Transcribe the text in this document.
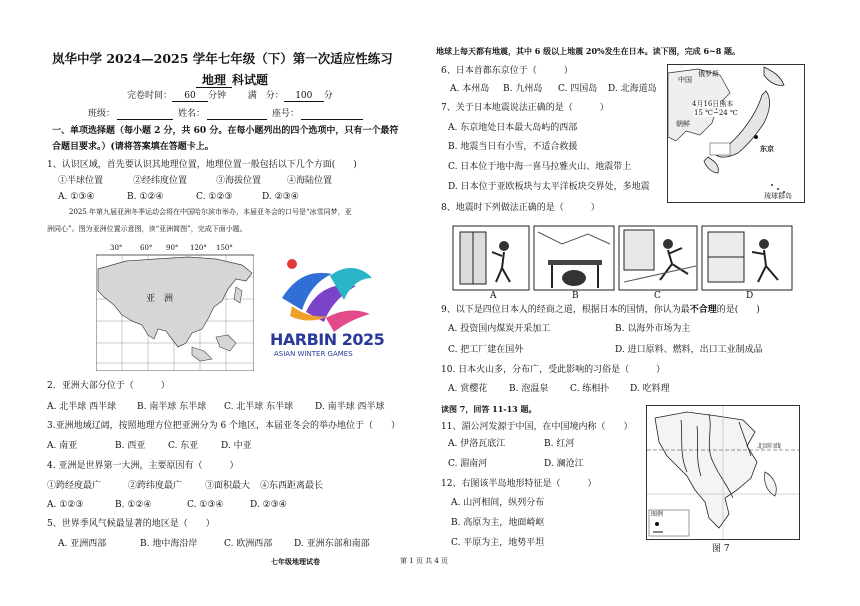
岚华中学 2024—2025 学年七年级（下）第一次适应性练习
地理 科试题
完卷时间： 60 分钟 满　分： 100 分
班级：	姓名：	座号：
一、单项选择题（每小题 2 分，共 60 分。在每小题列出的四个选项中，只有一个最符
合题目要求。）(请将答案填在答题卡上。
1、认识区域，首先要认识其地理位置，地理位置一般包括以下几个方面(　　)
①半球位置	②经纬度位置	③海拔位置	④海陆位置
A. ①③④	B. ①②④	C. ①②③	D. ②③④
2025 年第九届亚洲冬季运动会将在中国哈尔滨市举办，本届亚冬会的口号是“冰雪同梦，亚
洲同心”。图为亚洲位置示意图，读“亚洲简图”，完成下面小题。
30°	60° 90° 120° 150°
亚　洲
HARBIN 2025
ASIAN WINTER GAMES
2．亚洲大部分位于（　　　）
A. 北半球 西半球 B. 南半球 东半球 C. 北半球 东半球 D. 南半球 西半球
3.亚洲地域辽阔，按照地理方位把亚洲分为 6 个地区，本届亚冬会的举办地位于（　　）
A. 南亚	B. 西亚	C. 东亚	D. 中亚
4. 亚洲是世界第一大洲，主要原因有（　　　）
①跨经度最广	②跨纬度最广	③面积最大 ④东西距离最长
A. ①②③	B. ①②④	C. ①③④	D. ②③④
5、世界季风气候最显著的地区是（　　）
A. 亚洲西部	B. 地中海沿岸	C. 欧洲西部 D. 亚洲东部和南部
七年级地理试卷
地球上每天都有地震，其中 6 级以上地震 20%发生在日本。读下图，完成 6~8 题。
6、日本首都东京位于（　　　）
A. 本州岛 B. 九州岛 C. 四国岛 D. 北海道岛
7、关于日本地震说法正确的是（　　　）
A. 东京地处日本最大岛屿的西部
B. 地震当日有小雪，不适合救援
C. 日本位于地中海一喜马拉雅火山、地震带上
D. 日本位于亚欧板块与太平洋板块交界处，多地震
中国
俄罗斯
朝鲜
东京
琉球群岛
4月16日熊本
15 ℃~24 ℃
8、地震时下列做法正确的是（　　　）
A	B	C	D
9、以下是四位日本人的经商之道，根据日本的国情，你认为最不合理的是(　　)
A. 投资国内煤炭开采加工	B. 以海外市场为主
C. 把工厂建在国外	D. 进口原料、燃料，出口工业制成品
10. 日本火山多，分布广，受此影响的习俗是（　　　）
A. 赏樱花 B. 泡温泉 C. 练相扑 D. 吃料理
读图 7，回答 11-13 题。
11、湄公河发源于中国，在中国境内称（　　）
A. 伊洛瓦底江	B. 红河
C. 湄南河	D. 澜沧江
12、右图该半岛地形特征是（　　　）
A. 山河相间，纵列分布
B. 高原为主，地面崎岖
C. 平原为主，地势平坦
北回归线
图例
图 7
第 1 页 共 4 页
